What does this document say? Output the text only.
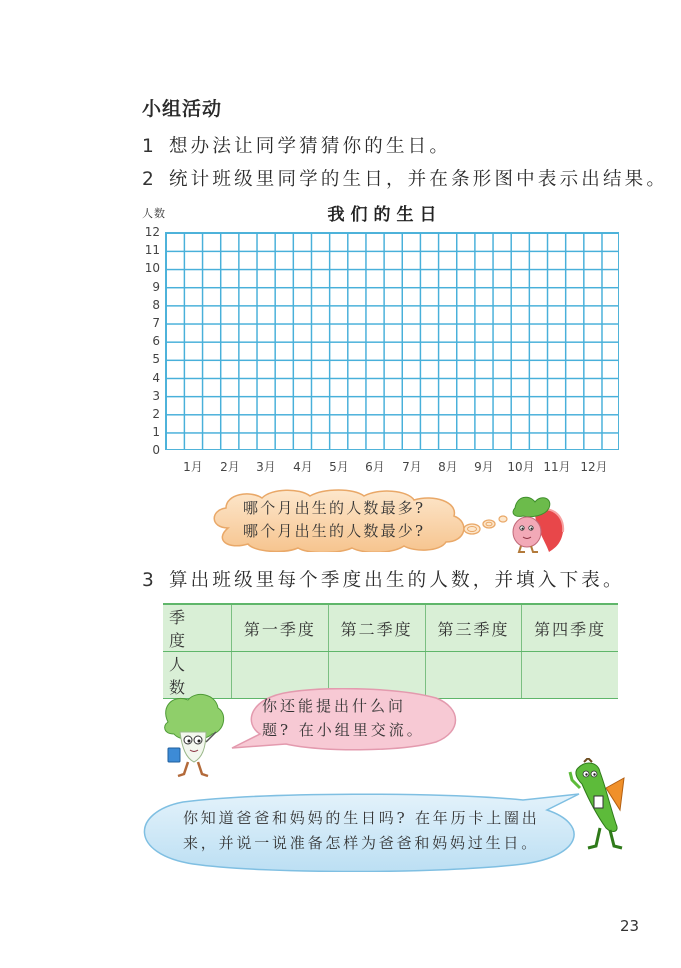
小组活动
1 想办法让同学猜猜你的生日。
2 统计班级里同学的生日，并在条形图中表示出结果。
人数	我们的生日
0
1
2
3
4
5
6
7
8
9
10
11
12
1月	2月	3月	4月	5月	6月	7月	8月	9月	10月 11月 12月
哪个月出生的人数最多?
哪个月出生的人数最少?
3 算出班级里每个季度出生的人数，并填入下表。
季 度	第一季度	第二季度	第三季度	第四季度
人 数				
你还能提出什么问
题? 在小组里交流。
你知道爸爸和妈妈的生日吗? 在年历卡上圈出
来，并说一说准备怎样为爸爸和妈妈过生日。
23
